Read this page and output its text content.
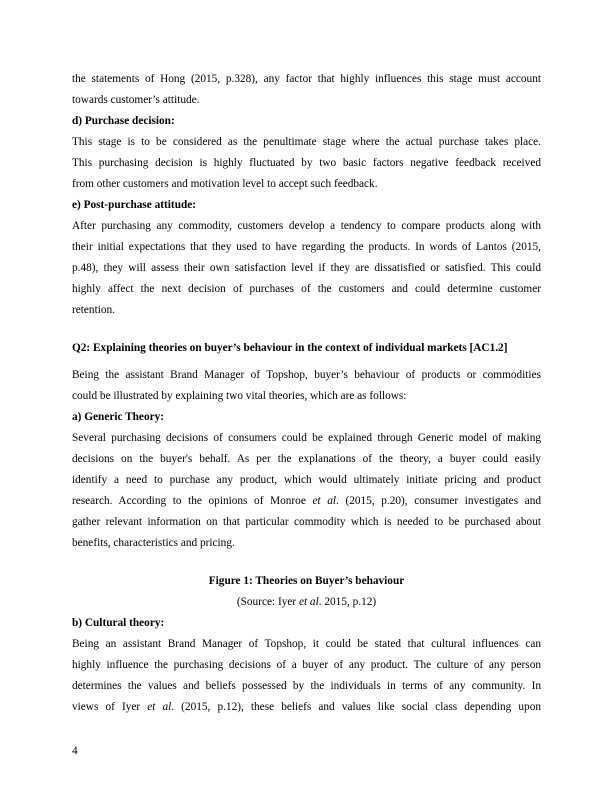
the statements of Hong (2015, p.328), any factor that highly influences this stage must account
towards customer’s attitude.
d) Purchase decision:
This stage is to be considered as the penultimate stage where the actual purchase takes place.
This purchasing decision is highly fluctuated by two basic factors negative feedback received
from other customers and motivation level to accept such feedback.
e) Post-purchase attitude:
After purchasing any commodity, customers develop a tendency to compare products along with
their initial expectations that they used to have regarding the products. In words of Lantos (2015,
p.48), they will assess their own satisfaction level if they are dissatisfied or satisfied. This could
highly affect the next decision of purchases of the customers and could determine customer
retention.
Q2: Explaining theories on buyer’s behaviour in the context of individual markets [AC1.2]
Being the assistant Brand Manager of Topshop, buyer’s behaviour of products or commodities
could be illustrated by explaining two vital theories, which are as follows:
a) Generic Theory:
Several purchasing decisions of consumers could be explained through Generic model of making
decisions on the buyer's behalf. As per the explanations of the theory, a buyer could easily
identify a need to purchase any product, which would ultimately initiate pricing and product
research. According to the opinions of Monroe et al. (2015, p.20), consumer investigates and
gather relevant information on that particular commodity which is needed to be purchased about
benefits, characteristics and pricing.
Figure 1: Theories on Buyer’s behaviour
(Source: Iyer et al. 2015, p.12)
b) Cultural theory:
Being an assistant Brand Manager of Topshop, it could be stated that cultural influences can
highly influence the purchasing decisions of a buyer of any product. The culture of any person
determines the values and beliefs possessed by the individuals in terms of any community. In
views of Iyer et al. (2015, p.12), these beliefs and values like social class depending upon
4
